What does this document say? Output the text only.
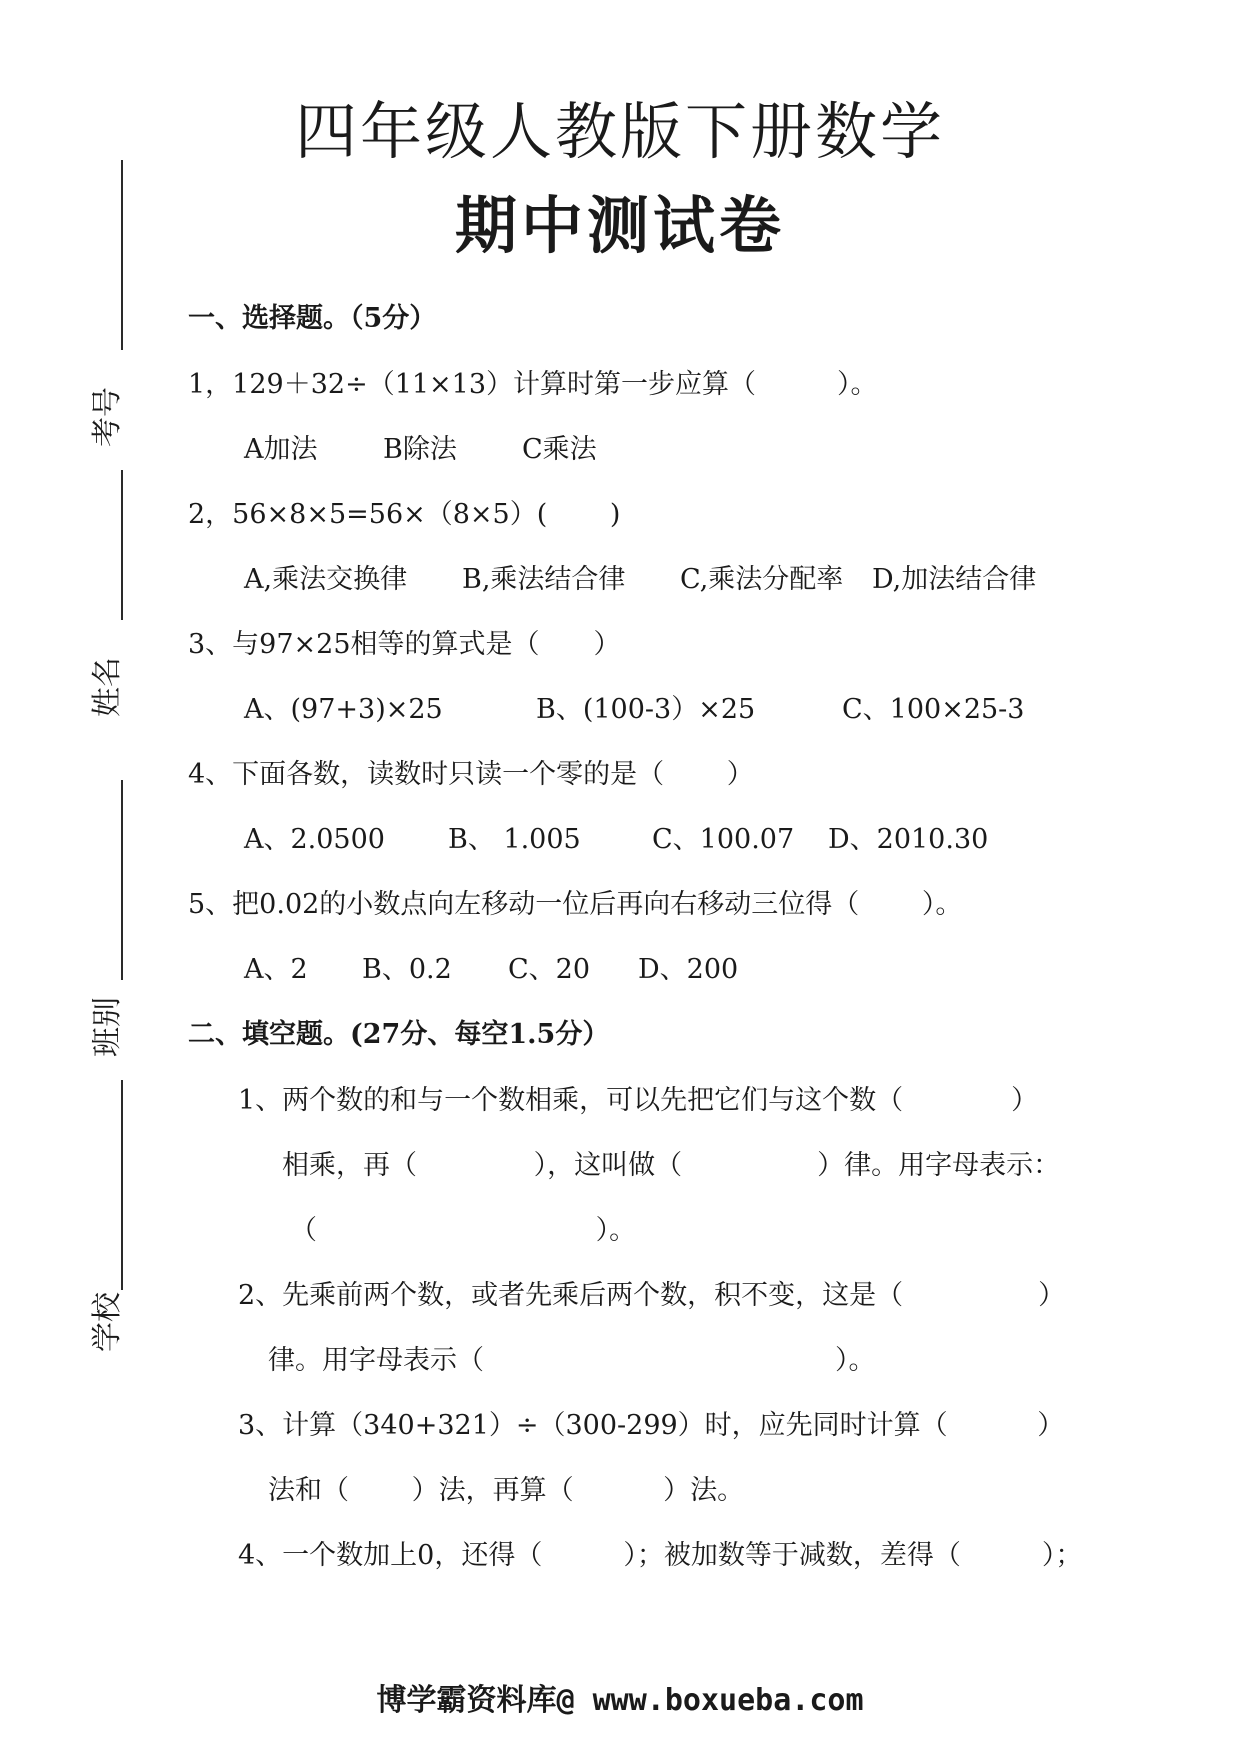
四年级人教版下册数学
期中测试卷
考号
姓名
班别
学校
一、选择题。（5分）
1，129＋32÷（11×13）计算时第一步应算（　　　）。
A加法 B除法 C乘法
2，56×8×5=56×（8×5）(　　 )
A,乘法交换律 B,乘法结合律 C,乘法分配率 D,加法结合律
3、与97×25相等的算式是（　　）
A、(97+3)×25	B、(100-3）×25	C、100×25-3
4、下面各数，读数时只读一个零的是（　　 ）
A、2.0500 B、 1.005	C、100.07 D、2010.30
5、把0.02的小数点向左移动一位后再向右移动三位得（　　 ）。
A、2 B、0.2 C、20 D、200
二、填空题。(27分、每空1.5分）
1、两个数的和与一个数相乘，可以先把它们与这个数（　　　　）
相乘，再（　　　　 ），这叫做（　　　　　）律。用字母表示：
（　　　　　　　　　　 ）。
2、先乘前两个数，或者先乘后两个数，积不变，这是（　　　　　）
律。用字母表示（　　　　　　　　　　　　　）。
3、计算（340+321）÷（300-299）时，应先同时计算（　　　 ）
法和（　　 ）法，再算（　　　 ）法。
4、一个数加上0，还得（　　　）；被加数等于减数，差得（　　　）；
博学霸资料库@ www.boxueba.com
